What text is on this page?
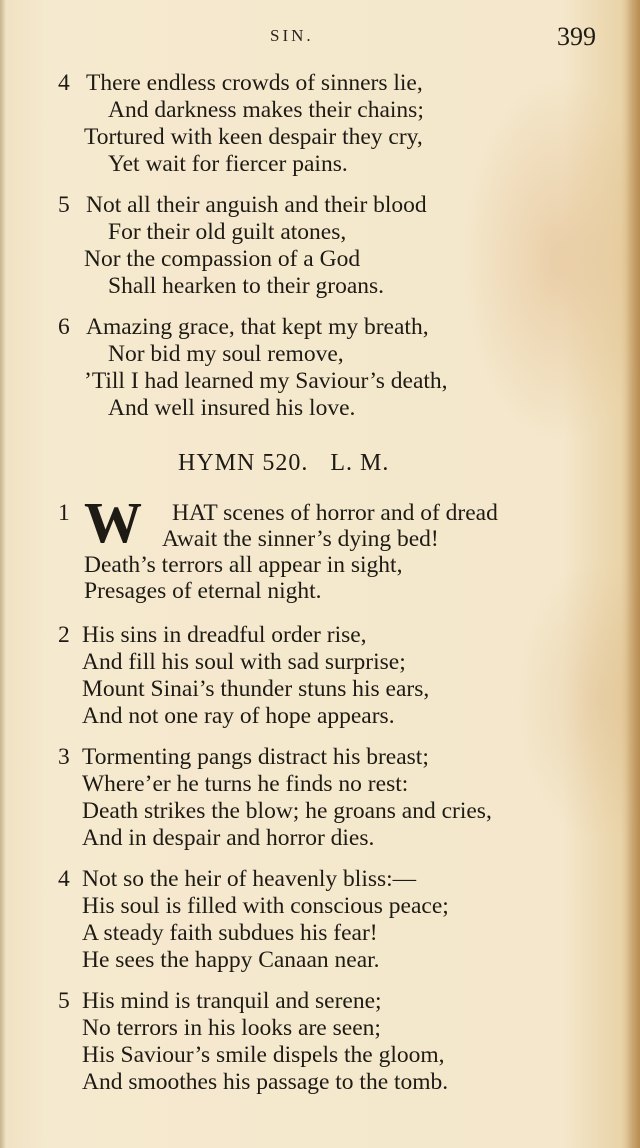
SIN.	399
4 There endless crowds of sinners lie,
And darkness makes their chains;
Tortured with keen despair they cry,
Yet wait for fiercer pains.
5 Not all their anguish and their blood
For their old guilt atones,
Nor the compassion of a God
Shall hearken to their groans.
6 Amazing grace, that kept my breath,
Nor bid my soul remove,
’Till I had learned my Saviour’s death,
And well insured his love.
HYMN 520. L. M.
1 W	HAT scenes of horror and of dread
Await the sinner’s dying bed!
Death’s terrors all appear in sight,
Presages of eternal night.
2 His sins in dreadful order rise,
And fill his soul with sad surprise;
Mount Sinai’s thunder stuns his ears,
And not one ray of hope appears.
3 Tormenting pangs distract his breast;
Where’er he turns he finds no rest:
Death strikes the blow; he groans and cries,
And in despair and horror dies.
4 Not so the heir of heavenly bliss:—
His soul is filled with conscious peace;
A steady faith subdues his fear!
He sees the happy Canaan near.
5 His mind is tranquil and serene;
No terrors in his looks are seen;
His Saviour’s smile dispels the gloom,
And smoothes his passage to the tomb.
